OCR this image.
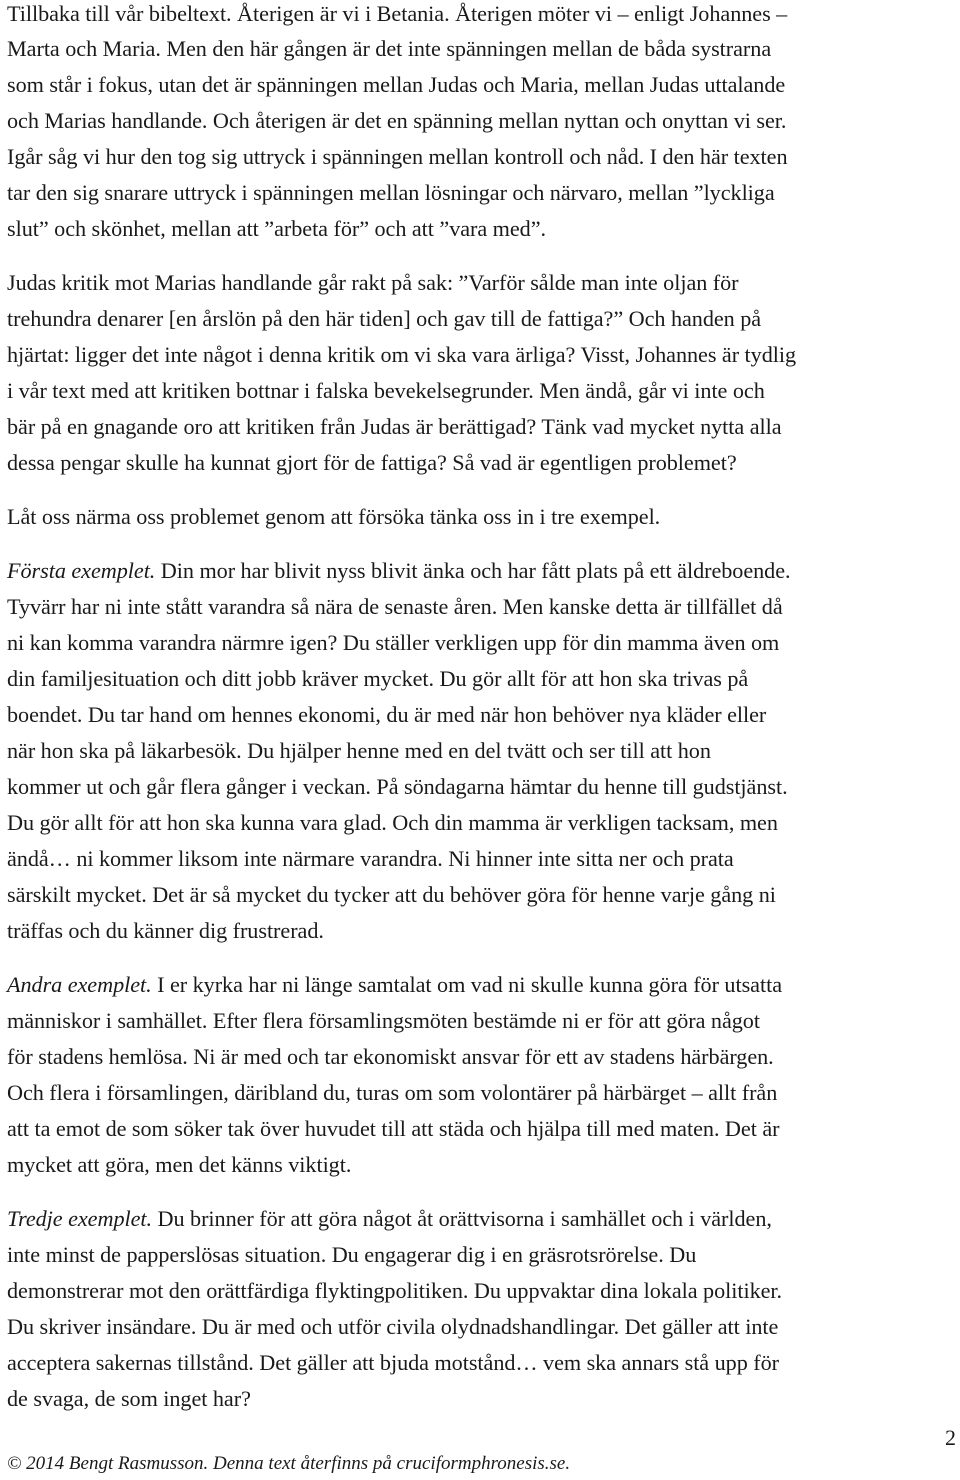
Tillbaka till vår bibeltext. Återigen är vi i Betania. Återigen möter vi – enligt Johannes –
Marta och Maria. Men den här gången är det inte spänningen mellan de båda systrarna
som står i fokus, utan det är spänningen mellan Judas och Maria, mellan Judas uttalande
och Marias handlande. Och återigen är det en spänning mellan nyttan och onyttan vi ser.
Igår såg vi hur den tog sig uttryck i spänningen mellan kontroll och nåd. I den här texten
tar den sig snarare uttryck i spänningen mellan lösningar och närvaro, mellan ”lyckliga
slut” och skönhet, mellan att ”arbeta för” och att ”vara med”.
Judas kritik mot Marias handlande går rakt på sak: ”Varför sålde man inte oljan för
trehundra denarer [en årslön på den här tiden] och gav till de fattiga?” Och handen på
hjärtat: ligger det inte något i denna kritik om vi ska vara ärliga? Visst, Johannes är tydlig
i vår text med att kritiken bottnar i falska bevekelsegrunder. Men ändå, går vi inte och
bär på en gnagande oro att kritiken från Judas är berättigad? Tänk vad mycket nytta alla
dessa pengar skulle ha kunnat gjort för de fattiga? Så vad är egentligen problemet?
Låt oss närma oss problemet genom att försöka tänka oss in i tre exempel.
Första exemplet. Din mor har blivit nyss blivit änka och har fått plats på ett äldreboende.
Tyvärr har ni inte stått varandra så nära de senaste åren. Men kanske detta är tillfället då
ni kan komma varandra närmre igen? Du ställer verkligen upp för din mamma även om
din familjesituation och ditt jobb kräver mycket. Du gör allt för att hon ska trivas på
boendet. Du tar hand om hennes ekonomi, du är med när hon behöver nya kläder eller
när hon ska på läkarbesök. Du hjälper henne med en del tvätt och ser till att hon
kommer ut och går flera gånger i veckan. På söndagarna hämtar du henne till gudstjänst.
Du gör allt för att hon ska kunna vara glad. Och din mamma är verkligen tacksam, men
ändå… ni kommer liksom inte närmare varandra. Ni hinner inte sitta ner och prata
särskilt mycket. Det är så mycket du tycker att du behöver göra för henne varje gång ni
träffas och du känner dig frustrerad.
Andra exemplet. I er kyrka har ni länge samtalat om vad ni skulle kunna göra för utsatta
människor i samhället. Efter flera församlingsmöten bestämde ni er för att göra något
för stadens hemlösa. Ni är med och tar ekonomiskt ansvar för ett av stadens härbärgen.
Och flera i församlingen, däribland du, turas om som volontärer på härbärget – allt från
att ta emot de som söker tak över huvudet till att städa och hjälpa till med maten. Det är
mycket att göra, men det känns viktigt.
Tredje exemplet. Du brinner för att göra något åt orättvisorna i samhället och i världen,
inte minst de papperslösas situation. Du engagerar dig i en gräsrotsrörelse. Du
demonstrerar mot den orättfärdiga flyktingpolitiken. Du uppvaktar dina lokala politiker.
Du skriver insändare. Du är med och utför civila olydnadshandlingar. Det gäller att inte
acceptera sakernas tillstånd. Det gäller att bjuda motstånd… vem ska annars stå upp för
de svaga, de som inget har?
2
© 2014 Bengt Rasmusson. Denna text återfinns på cruciformphronesis.se.
